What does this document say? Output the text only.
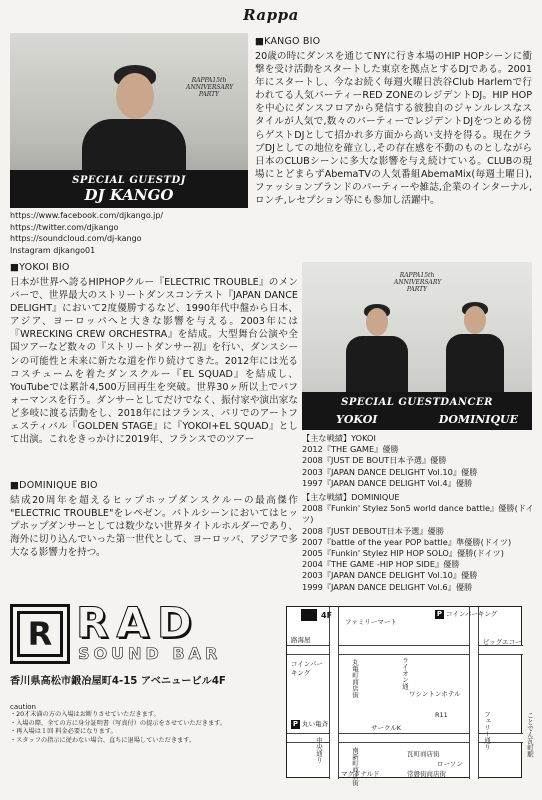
Rappa
RAPPA15th ANNIVERSARY PARTY
SPECIAL GUESTDJ
DJ KANGO
■KANGO BIO

20歳の時にダンスを通じてNYに行き本場のHIP HOPシーンに衝撃を受け活動をスタートした東京を拠点とするDJである。2001年にスタートし、今なお続く毎週火曜日渋谷Club Harlemで行われてる人気パーティーRED ZONEのレジデントDJ。HIP HOPを中心にダンスフロアから発信する彼独自のジャンルレスなスタイルが人気で,数々のパーティーでレジデントDJをつとめる傍らゲストDJとして招かれ多方面から高い支持を得る。現在クラブDJとしての地位を確立し,その存在感を不動のものとしながら日本のCLUBシーンに多大な影響を与え続けている。CLUBの現場にとどまらずAbemaTVの人気番組AbemaMix(毎週土曜日),ファッションブランドのパーティーや雑誌,企業のインターナル,ロンチ,レセプション等にも参加し活躍中。

https://www.facebook.com/djkango.jp/
https://twitter.com/djkango
https://soundcloud.com/dj-kango
Instagram djkango01
■YOKOI BIO

日本が世界へ誇るHIPHOPクルー『ELECTRIC TROUBLE』のメンバーで、世界最大のストリートダンスコンテスト『JAPAN DANCE DELIGHT』において2度優勝するなど、1990年代中盤から日本、アジア、ヨーロッパへと大きな影響を与える。2003年には『WRECKING CREW ORCHESTRA』を結成。大型舞台公演や全国ツアーなど数々の『ストリートダンサー初』を行い、ダンスシーンの可能性と未来に新たな道を作り続けてきた。2012年には光るコスチュームを着たダンスクルー『EL SQUAD』を結成し、YouTubeでは累計4,500万回再生を突破。世界30ヶ所以上でパフォーマンスを行う。ダンサーとしてだけでなく、振付家や演出家など多岐に渡る活動をし、2018年にはフランス、パリでのアートフェスティバル『GOLDEN STAGE』に『YOKOI+EL SQUAD』として出演。これをきっかけに2019年、フランスでのツアー

RAPPA15th ANNIVERSARY PARTY
SPECIAL GUESTDANCER
YOKOI	DOMINIQUE
【主な戦績】YOKOI
2012『THE GAME』優勝
2008『JUST DE BOUT日本予選』優勝
2003『JAPAN DANCE DELIGHT Vol.10』優勝
1997『JAPAN DANCE DELIGHT Vol.4』優勝
■DOMINIQUE BIO

結成20周年を超えるヒップホップダンスクルーの最高傑作 "ELECTRIC TROUBLE"をレペゼン。バトルシーンにおいてはヒップホップダンサーとしては数少ない世界タイトルホルダーであり、海外に切り込んでいった第一世代として、ヨーロッパ、アジアで多大なる影響力を持つ。

【主な戦績】DOMINIQUE
2008『Funkin' Stylez 5on5 world dance battle』優勝(ドイツ)
2008『JUST DEBOUT日本予選』優勝
2007『battle of the year POP battle』準優勝(ドイツ)
2005『Funkin' Stylez HIP HOP SOLO』優勝(ドイツ)
2004『THE GAME -HIP HOP SIDE』優勝
2003『JAPAN DANCE DELIGHT Vol.10』優勝
1999『JAPAN DANCE DELIGHT Vol.6』優勝
R RAD
SOUND BAR
香川県高松市鍛冶屋町4-15 アベニュービル4F
4F	P コインパーキング
ファミリーマート
路海屋
コインパーキング	丸亀町商店街
南新町商店街
ライオン通
ワシントンホテル
R11
ビッグエコー
フェリー通り
サークルK
中央通り
P 丸い亀斉
瓦町商店街
ローソン
常磐街商店街
マクドナルド
ことでん瓦町駅
caution
・20才未満の方の入場はお断りさせていただきます。
・入場の際、全ての方に身分証明書（写真付）の提示をさせていただきます。
・再入場は１回 料金必要になります。
・スタッフの指示に従わない場合、直ちに退場していただきます。
